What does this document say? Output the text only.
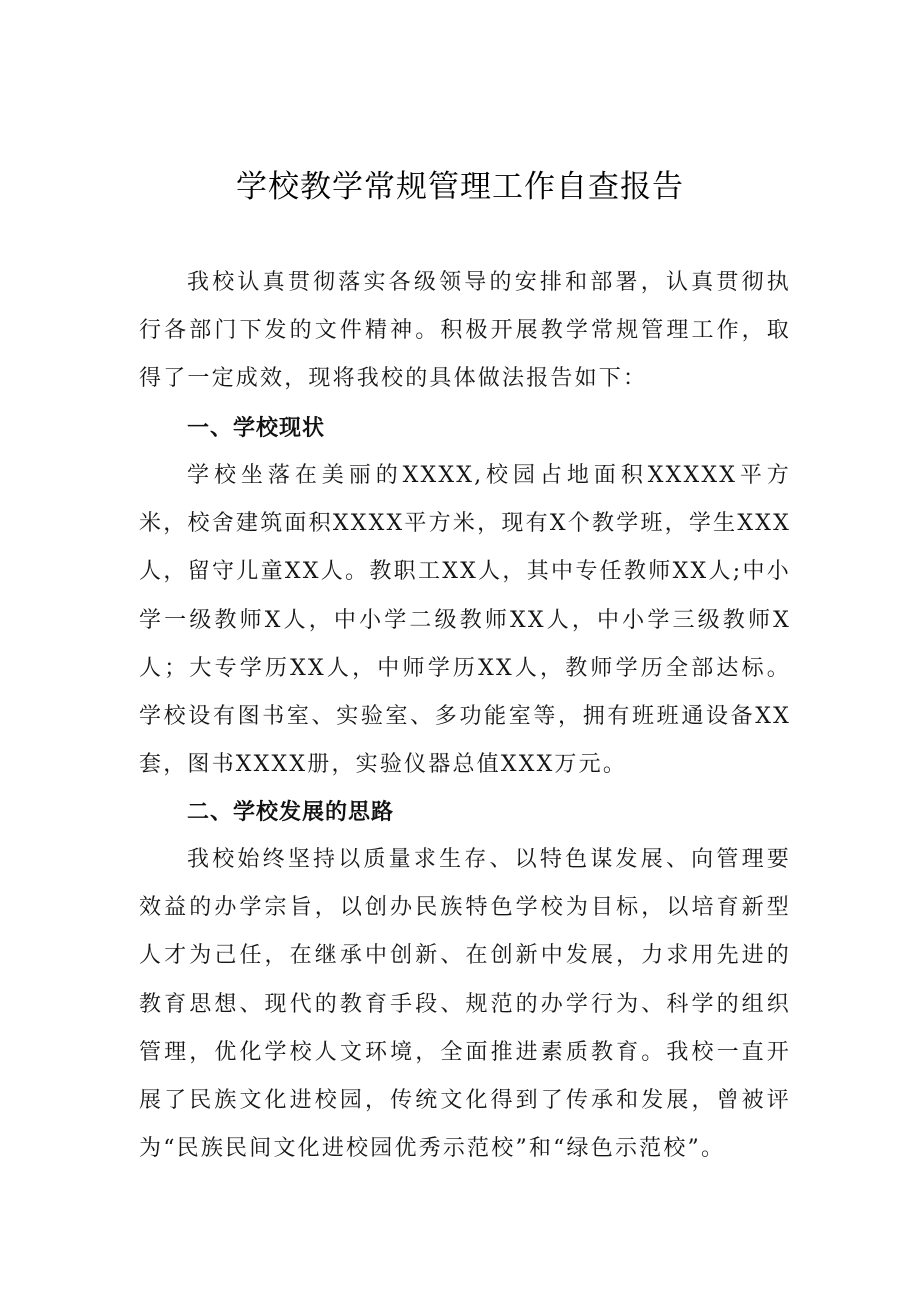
学校教学常规管理工作自查报告

我校认真贯彻落实各级领导的安排和部署，认真贯彻执行各部门下发的文件精神。积极开展教学常规管理工作，取得了一定成效，现将我校的具体做法报告如下：

一、学校现状

学校坐落在美丽的XXXX,校园占地面积XXXXX平方米，校舍建筑面积XXXX平方米，现有X个教学班，学生XXX人，留守儿童XX人。教职工XX人，其中专任教师XX人;中小学一级教师X人，中小学二级教师XX人，中小学三级教师X人；大专学历XX人，中师学历XX人，教师学历全部达标。学校设有图书室、实验室、多功能室等，拥有班班通设备XX套，图书XXXX册，实验仪器总值XXX万元。

二、学校发展的思路

我校始终坚持以质量求生存、以特色谋发展、向管理要效益的办学宗旨，以创办民族特色学校为目标，以培育新型人才为己任，在继承中创新、在创新中发展，力求用先进的教育思想、现代的教育手段、规范的办学行为、科学的组织管理，优化学校人文环境，全面推进素质教育。我校一直开展了民族文化进校园，传统文化得到了传承和发展，曾被评为“民族民间文化进校园优秀示范校”和“绿色示范校”。
